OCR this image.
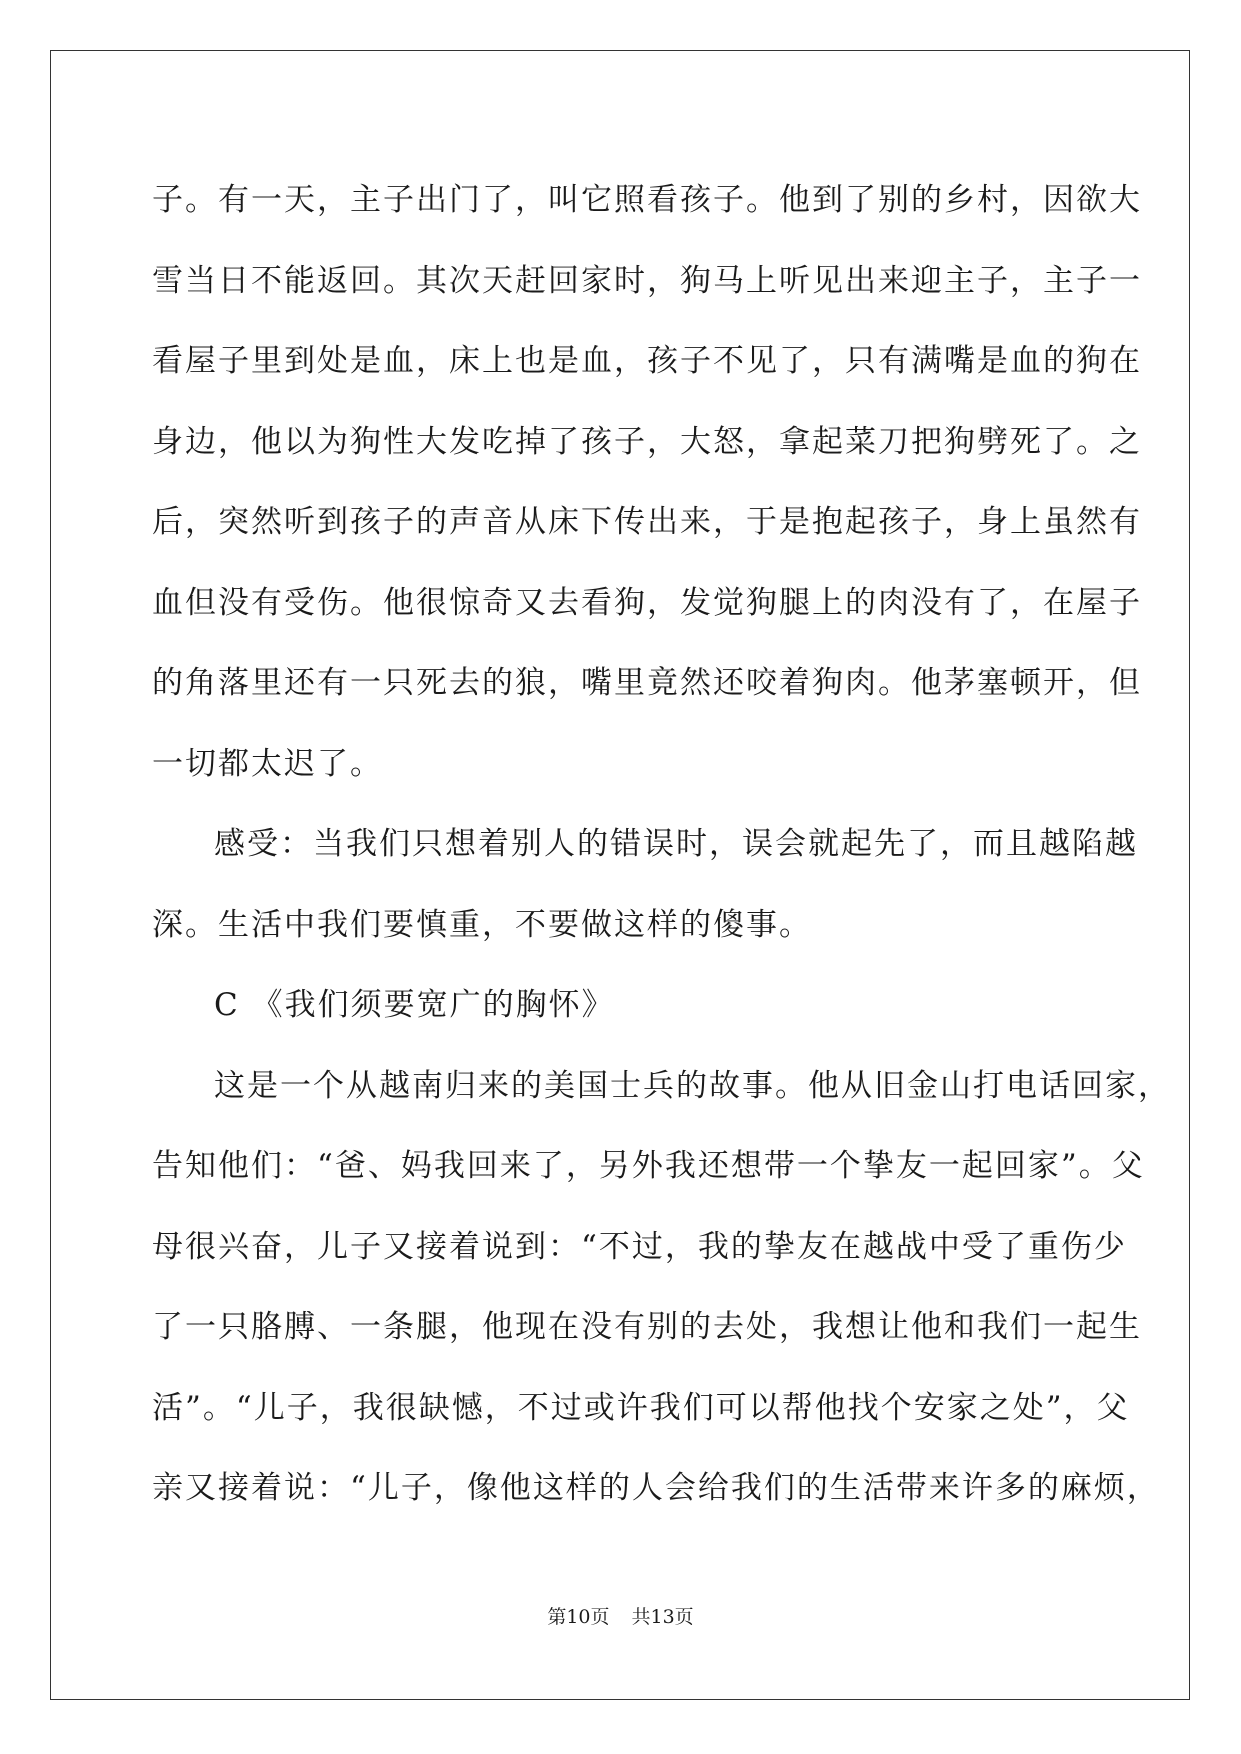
子。有一天，主子出门了，叫它照看孩子。他到了别的乡村，因欲大
雪当日不能返回。其次天赶回家时，狗马上听见出来迎主子，主子一
看屋子里到处是血，床上也是血，孩子不见了，只有满嘴是血的狗在
身边，他以为狗性大发吃掉了孩子，大怒，拿起菜刀把狗劈死了。之
后，突然听到孩子的声音从床下传出来，于是抱起孩子，身上虽然有
血但没有受伤。他很惊奇又去看狗，发觉狗腿上的肉没有了，在屋子
的角落里还有一只死去的狼，嘴里竟然还咬着狗肉。他茅塞顿开，但
一切都太迟了。
感受：当我们只想着别人的错误时，误会就起先了，而且越陷越
深。生活中我们要慎重，不要做这样的傻事。
C 《我们须要宽广的胸怀》
这是一个从越南归来的美国士兵的故事。他从旧金山打电话回家，
告知他们：“爸、妈我回来了，另外我还想带一个挚友一起回家”。父
母很兴奋，儿子又接着说到：“不过，我的挚友在越战中受了重伤少
了一只胳膊、一条腿，他现在没有别的去处，我想让他和我们一起生
活”。“儿子，我很缺憾，不过或许我们可以帮他找个安家之处”，父
亲又接着说：“儿子，像他这样的人会给我们的生活带来许多的麻烦，
第10页 共13页
